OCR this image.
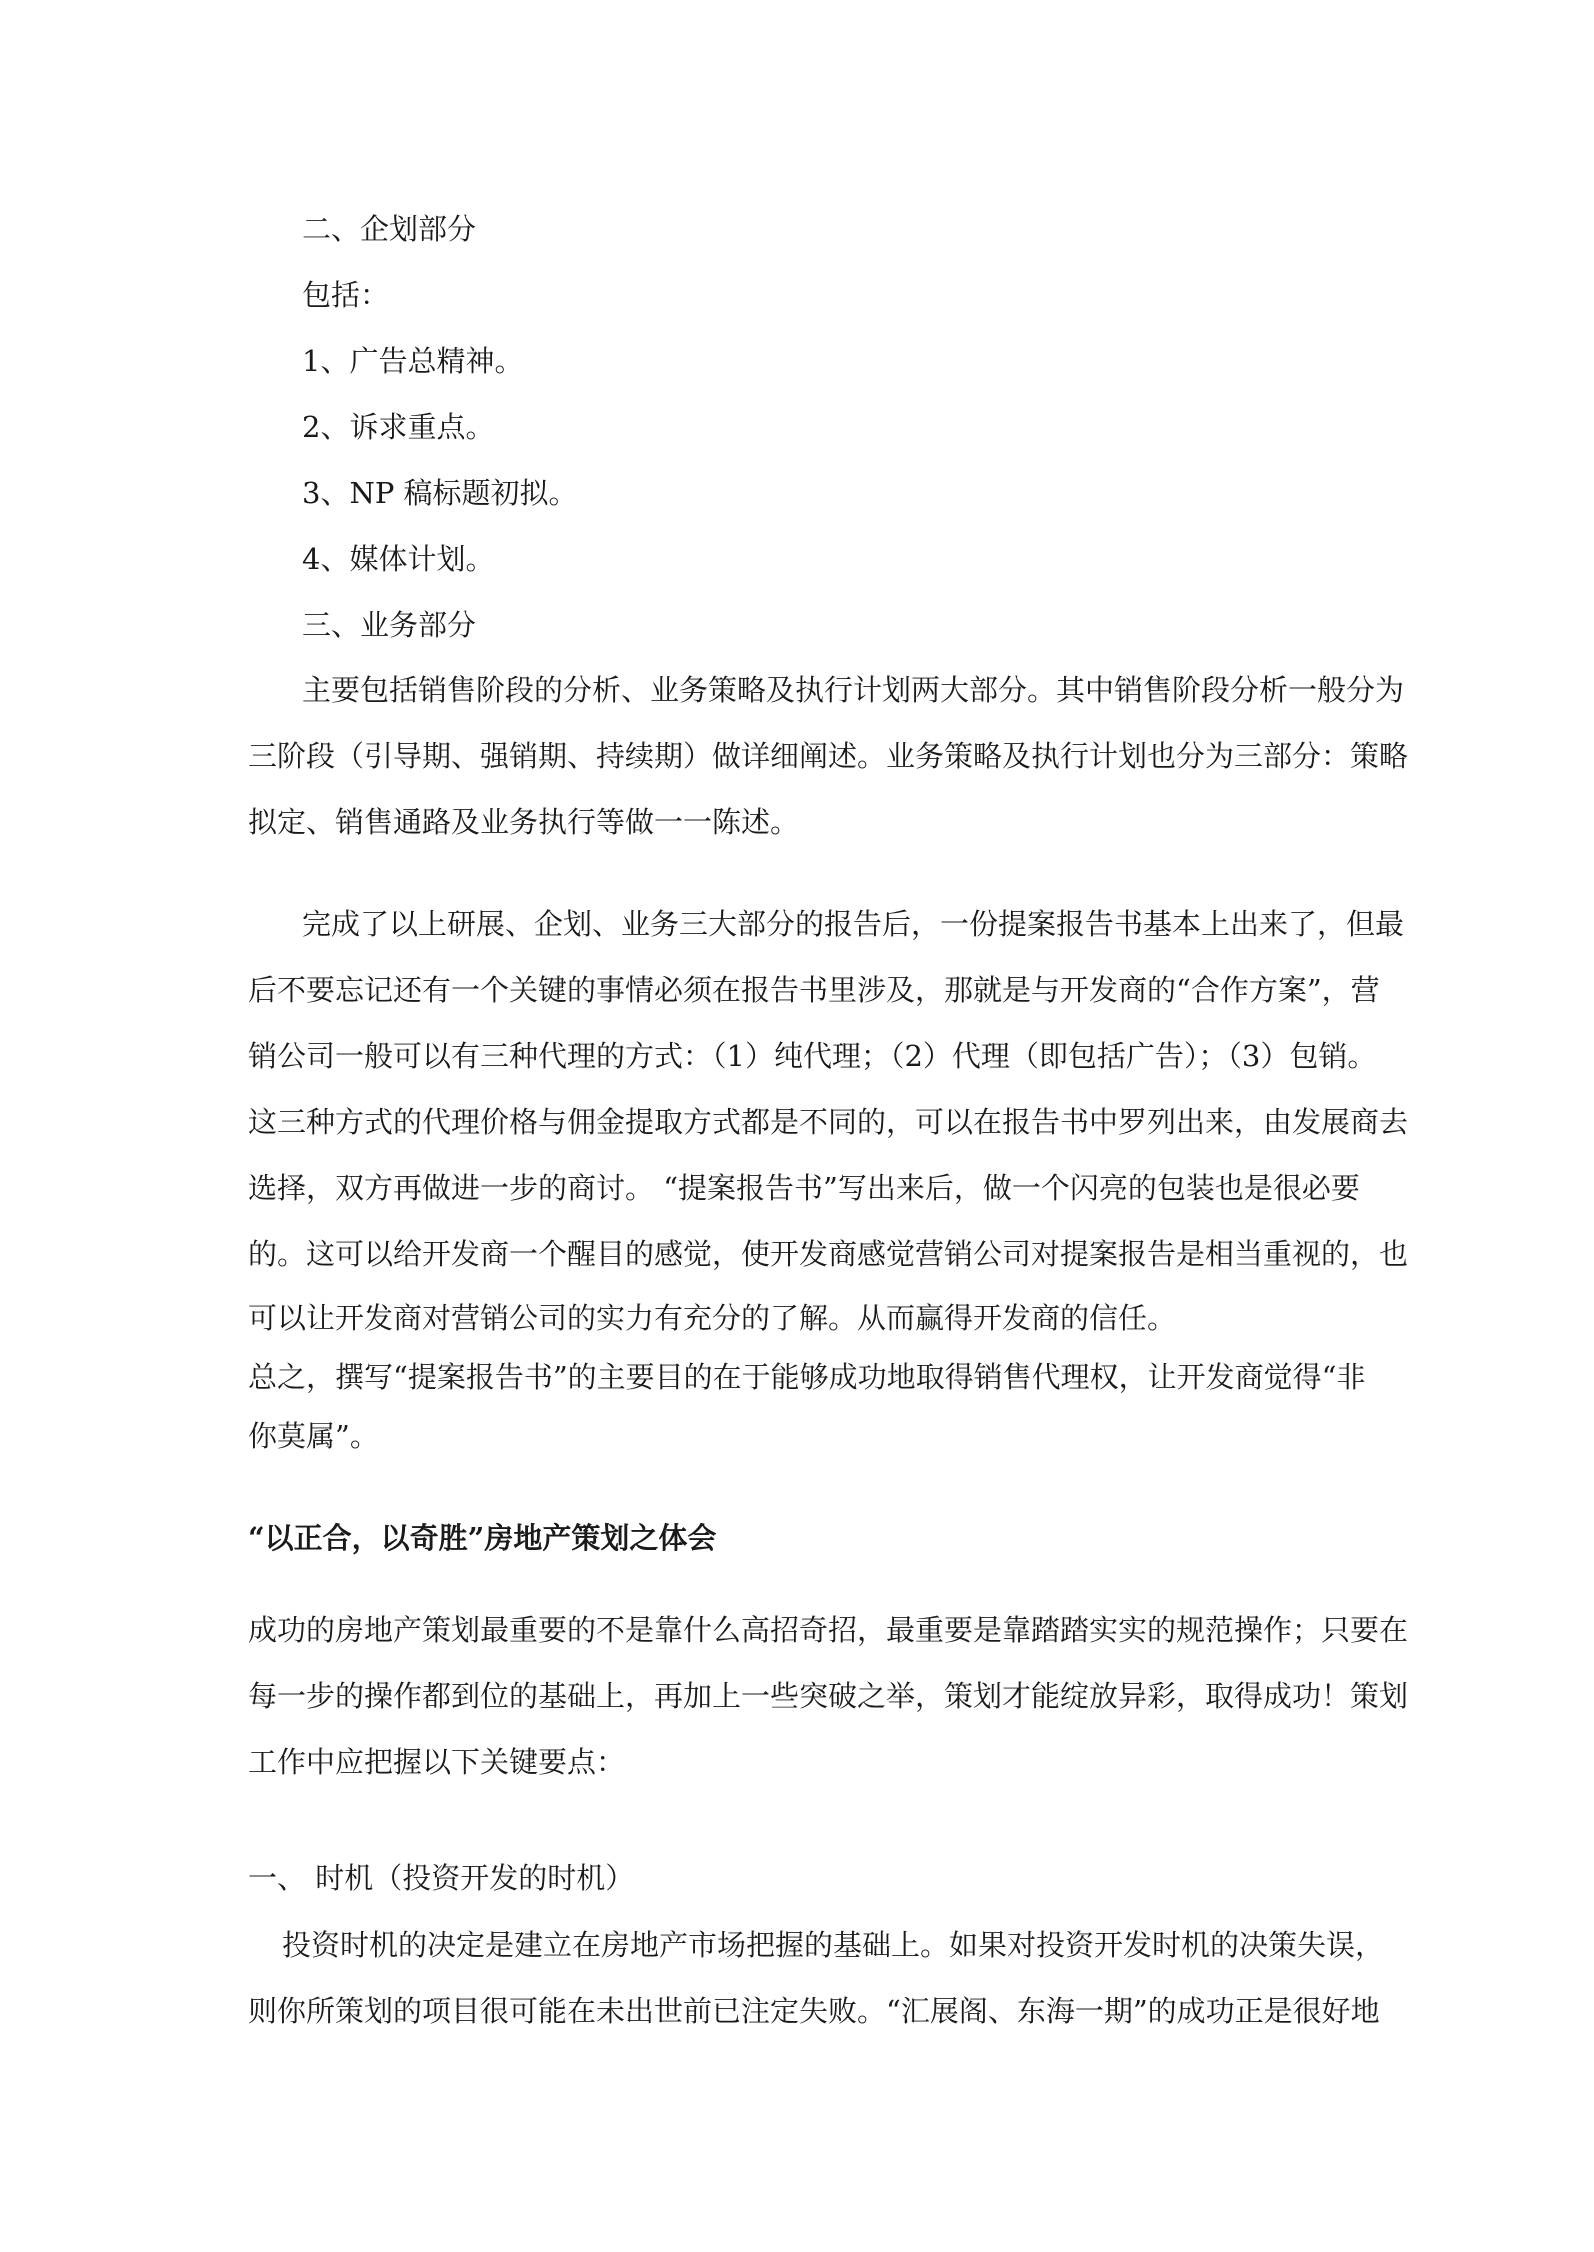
二、企划部分
包括：
1、广告总精神。
2、诉求重点。
3、NP 稿标题初拟。
4、媒体计划。
三、业务部分
主要包括销售阶段的分析、业务策略及执行计划两大部分。其中销售阶段分析一般分为
三阶段（引导期、强销期、持续期）做详细阐述。业务策略及执行计划也分为三部分：策略
拟定、销售通路及业务执行等做一一陈述。
完成了以上研展、企划、业务三大部分的报告后，一份提案报告书基本上出来了，但最
后不要忘记还有一个关键的事情必须在报告书里涉及，那就是与开发商的“合作方案”，营
销公司一般可以有三种代理的方式：（1）纯代理；（2）代理（即包括广告）；（3）包销。
这三种方式的代理价格与佣金提取方式都是不同的，可以在报告书中罗列出来，由发展商去
选择，双方再做进一步的商讨。 “提案报告书”写出来后，做一个闪亮的包装也是很必要
的。这可以给开发商一个醒目的感觉，使开发商感觉营销公司对提案报告是相当重视的，也
可以让开发商对营销公司的实力有充分的了解。从而赢得开发商的信任。
总之，撰写“提案报告书”的主要目的在于能够成功地取得销售代理权，让开发商觉得“非
你莫属”。
“以正合，以奇胜”房地产策划之体会
成功的房地产策划最重要的不是靠什么高招奇招，最重要是靠踏踏实实的规范操作；只要在
每一步的操作都到位的基础上，再加上一些突破之举，策划才能绽放异彩，取得成功！策划
工作中应把握以下关键要点：
一、 时机（投资开发的时机）
投资时机的决定是建立在房地产市场把握的基础上。如果对投资开发时机的决策失误，
则你所策划的项目很可能在未出世前已注定失败。“汇展阁、东海一期”的成功正是很好地
